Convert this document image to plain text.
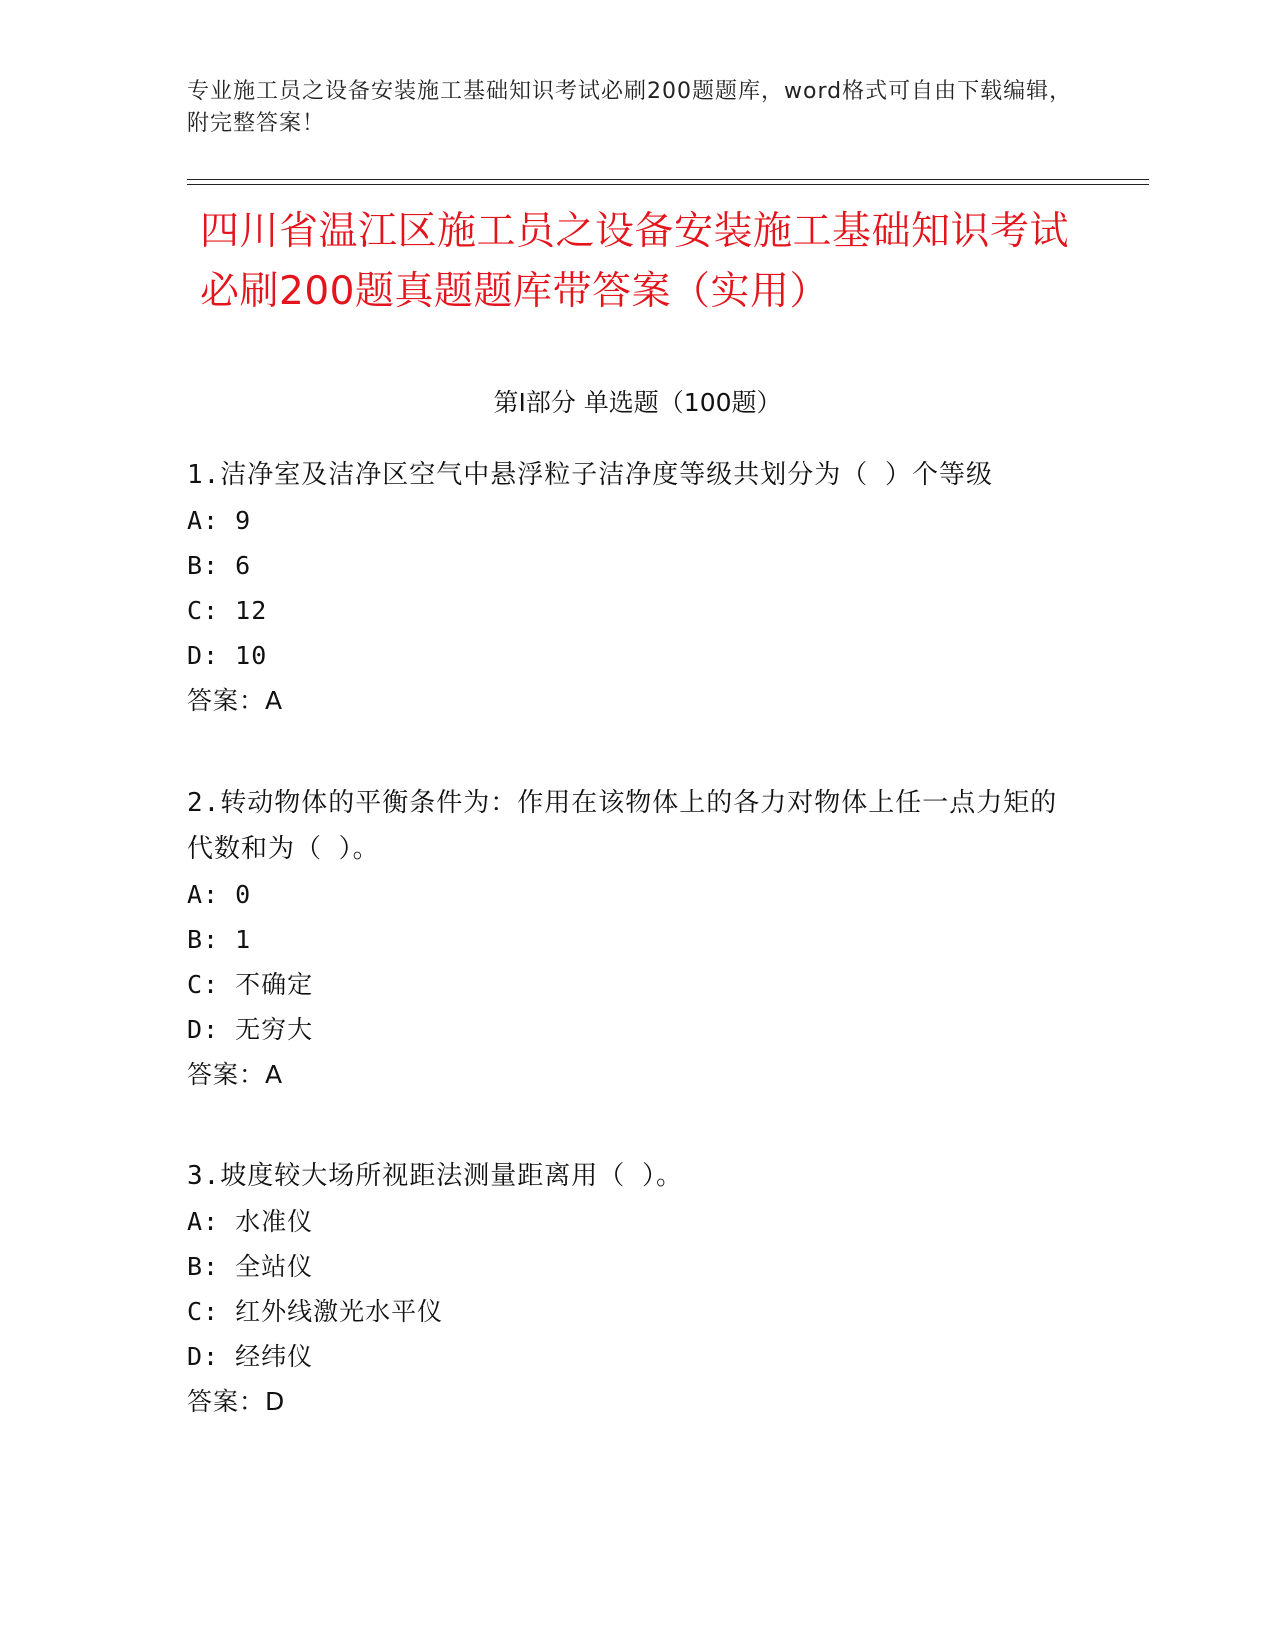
专业施工员之设备安装施工基础知识考试必刷200题题库，word格式可自由下载编辑，附完整答案！
四川省温江区施工员之设备安装施工基础知识考试必刷200题真题题库带答案（实用）
第Ⅰ部分 单选题（100题）
1.洁净室及洁净区空气中悬浮粒子洁净度等级共划分为（ ）个等级
A: 9
B: 6
C: 12
D: 10
答案：A
2.转动物体的平衡条件为：作用在该物体上的各力对物体上任一点力矩的代数和为（ ）。
A: 0
B: 1
C: 不确定
D: 无穷大
答案：A
3.坡度较大场所视距法测量距离用（ ）。
A: 水准仪
B: 全站仪
C: 红外线激光水平仪
D: 经纬仪
答案：D
